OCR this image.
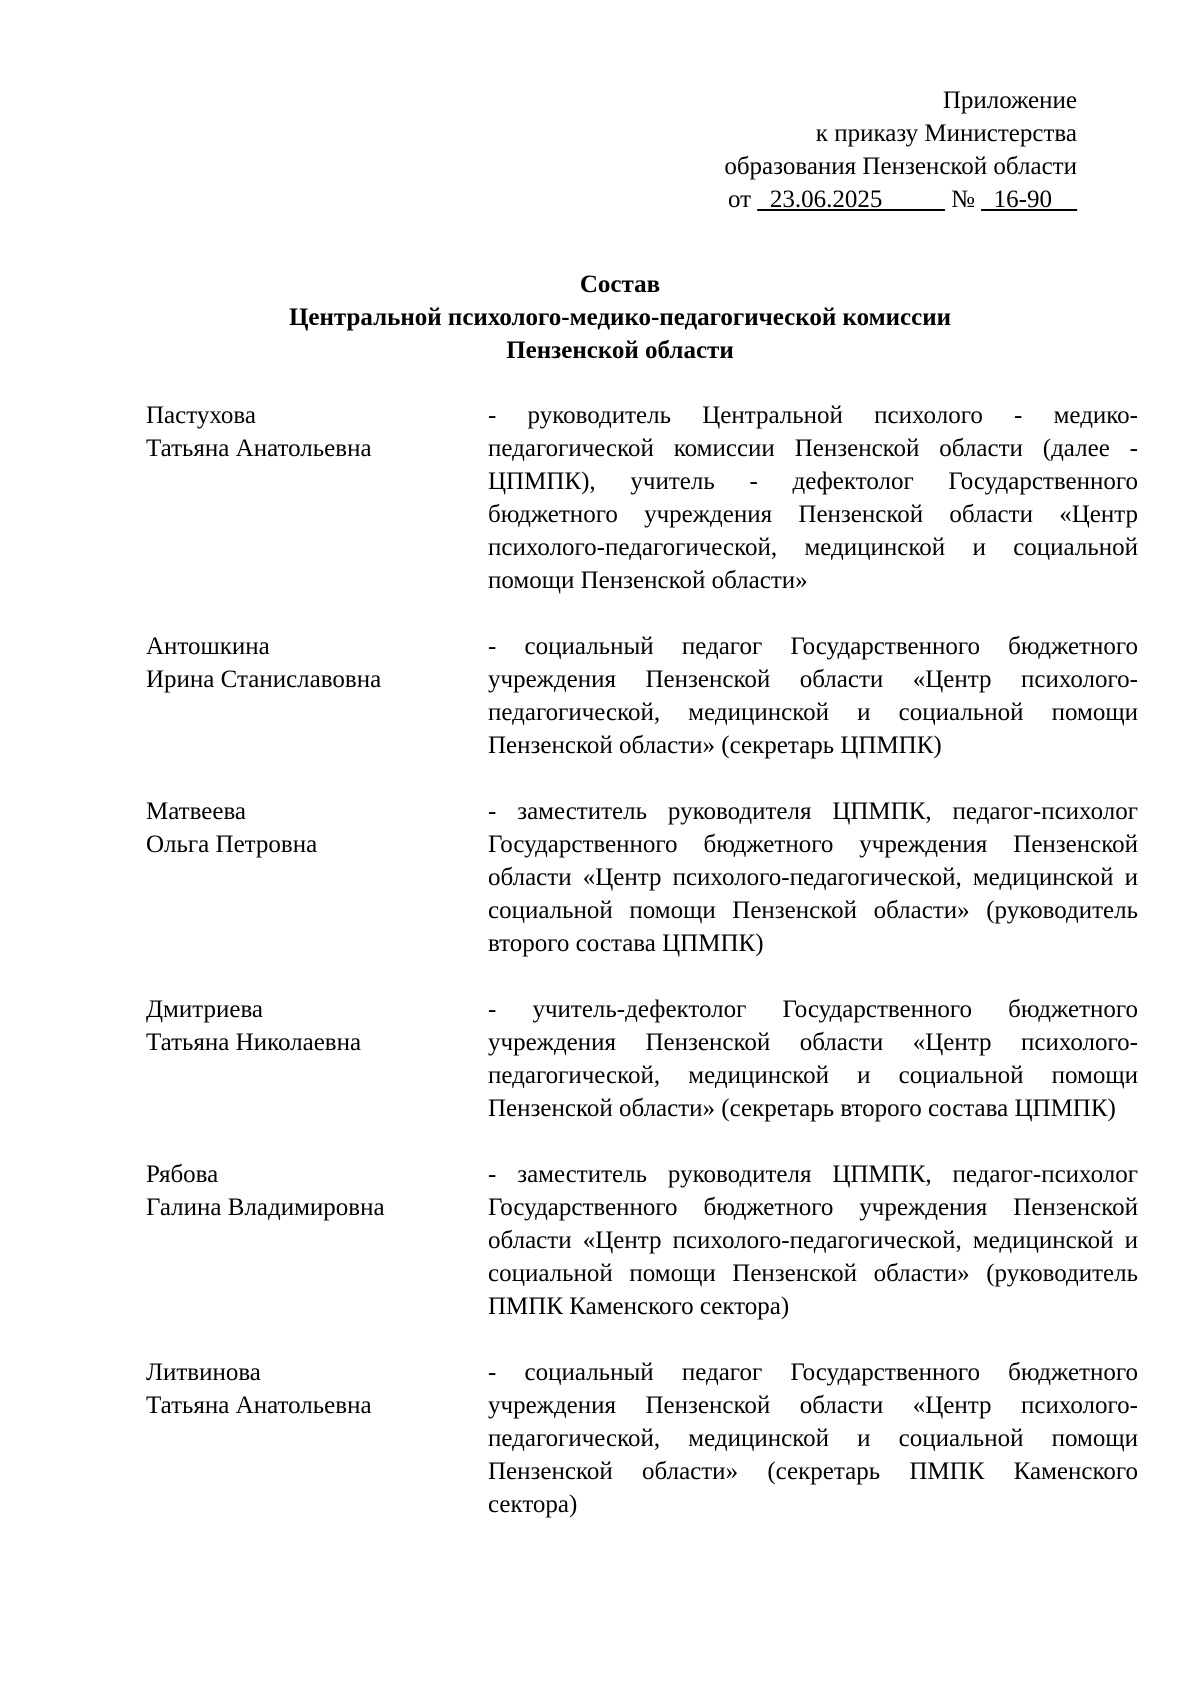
Приложение
к приказу Министерства
образования Пензенской области
от _23.06.2025_____ № _16-90__
Состав
Центральной психолого-медико-педагогической комиссии
Пензенской области
Пастухова
Татьяна Анатольевна
- руководитель Центральной психолого - медико-педагогической комиссии Пензенской области (далее - ЦПМПК), учитель - дефектолог Государственного бюджетного учреждения Пензенской области «Центр психолого-педагогической, медицинской и социальной помощи Пензенской области»
Антошкина
Ирина Станиславовна
- социальный педагог Государственного бюджетного учреждения Пензенской области «Центр психолого-педагогической, медицинской и социальной помощи Пензенской области» (секретарь ЦПМПК)
Матвеева
Ольга Петровна
- заместитель руководителя ЦПМПК, педагог-психолог Государственного бюджетного учреждения Пензенской области «Центр психолого-педагогической, медицинской и социальной помощи Пензенской области» (руководитель второго состава ЦПМПК)
Дмитриева
Татьяна Николаевна
- учитель-дефектолог Государственного бюджетного учреждения Пензенской области «Центр психолого-педагогической, медицинской и социальной помощи Пензенской области» (секретарь второго состава ЦПМПК)
Рябова
Галина Владимировна
- заместитель руководителя ЦПМПК, педагог-психолог Государственного бюджетного учреждения Пензенской области «Центр психолого-педагогической, медицинской и социальной помощи Пензенской области» (руководитель ПМПК Каменского сектора)
Литвинова
Татьяна Анатольевна
- социальный педагог Государственного бюджетного учреждения Пензенской области «Центр психолого-педагогической, медицинской и социальной помощи Пензенской области» (секретарь ПМПК Каменского сектора)
